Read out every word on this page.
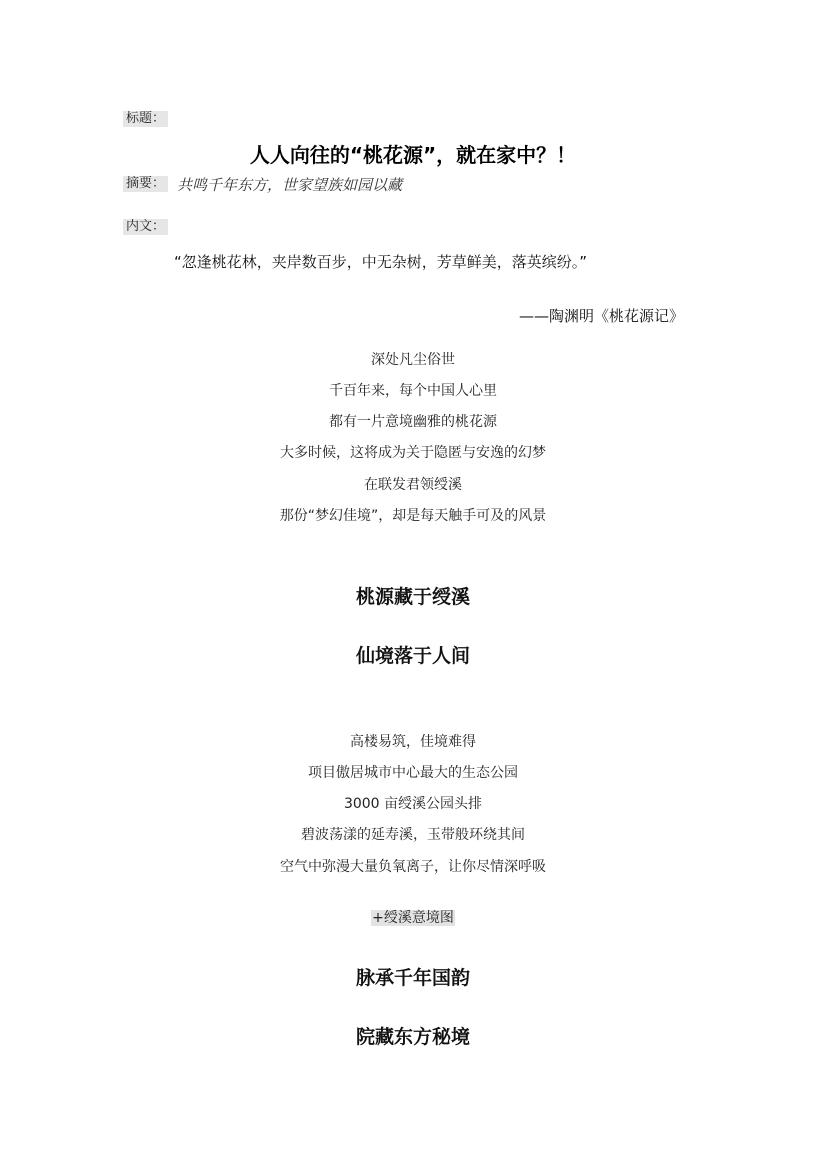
标题：
人人向往的“桃花源”，就在家中？！
摘要： 共鸣千年东方，世家望族如园以藏
内文：
“忽逢桃花林，夹岸数百步，中无杂树，芳草鲜美，落英缤纷。”
——陶渊明《桃花源记》
深处凡尘俗世
千百年来，每个中国人心里
都有一片意境幽雅的桃花源
大多时候，这将成为关于隐匿与安逸的幻梦
在联发君领绶溪
那份“梦幻佳境”，却是每天触手可及的风景
桃源藏于绶溪
仙境落于人间
高楼易筑，佳境难得
项目傲居城市中心最大的生态公园
3000 亩绶溪公园头排
碧波荡漾的延寿溪，玉带般环绕其间
空气中弥漫大量负氧离子，让你尽情深呼吸
+绶溪意境图
脉承千年国韵
院藏东方秘境
